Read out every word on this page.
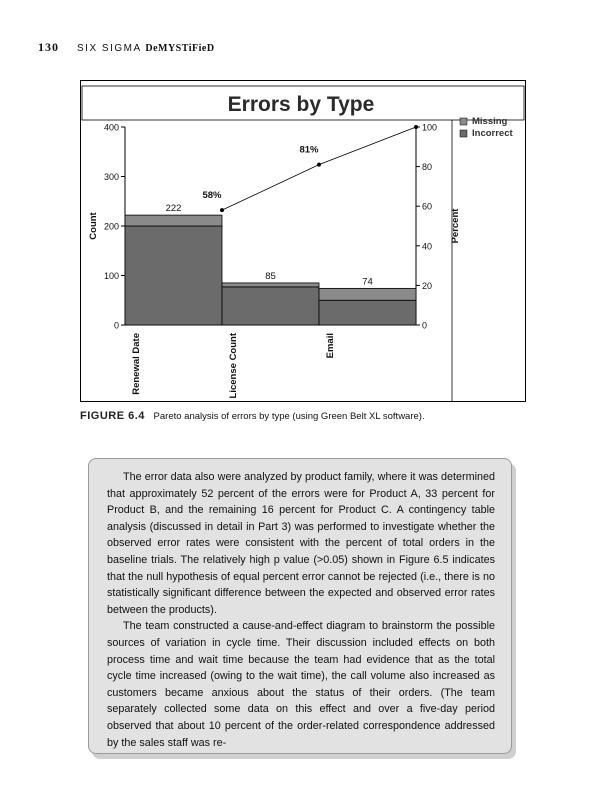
130 SIX SIGMA DeMYSTiFieD
Errors by Type
0
100
200
300
400
0
20
40
60
80
100
Count	Percent
222
Renewal Date
85
License Count
74
Email
58%
81%
Missing
Incorrect
FIGURE 6.4 Pareto analysis of errors by type (using Green Belt XL software).

The error data also were analyzed by product family, where it was determined that approximately 52 percent of the errors were for Product A, 33 percent for Product B, and the remaining 16 percent for Product C. A contingency table analysis (discussed in detail in Part 3) was performed to investigate whether the observed error rates were consistent with the percent of total orders in the baseline trials. The relatively high p value (>0.05) shown in Figure 6.5 indicates that the null hypothesis of equal percent error cannot be rejected (i.e., there is no statistically significant difference between the expected and observed error rates between the products).

The team constructed a cause-and-effect diagram to brainstorm the possible sources of variation in cycle time. Their discussion included effects on both process time and wait time because the team had evidence that as the total cycle time increased (owing to the wait time), the call volume also increased as customers became anxious about the status of their orders. (The team separately collected some data on this effect and over a five-day period observed that about 10 percent of the order-related correspondence addressed by the sales staff was re-
